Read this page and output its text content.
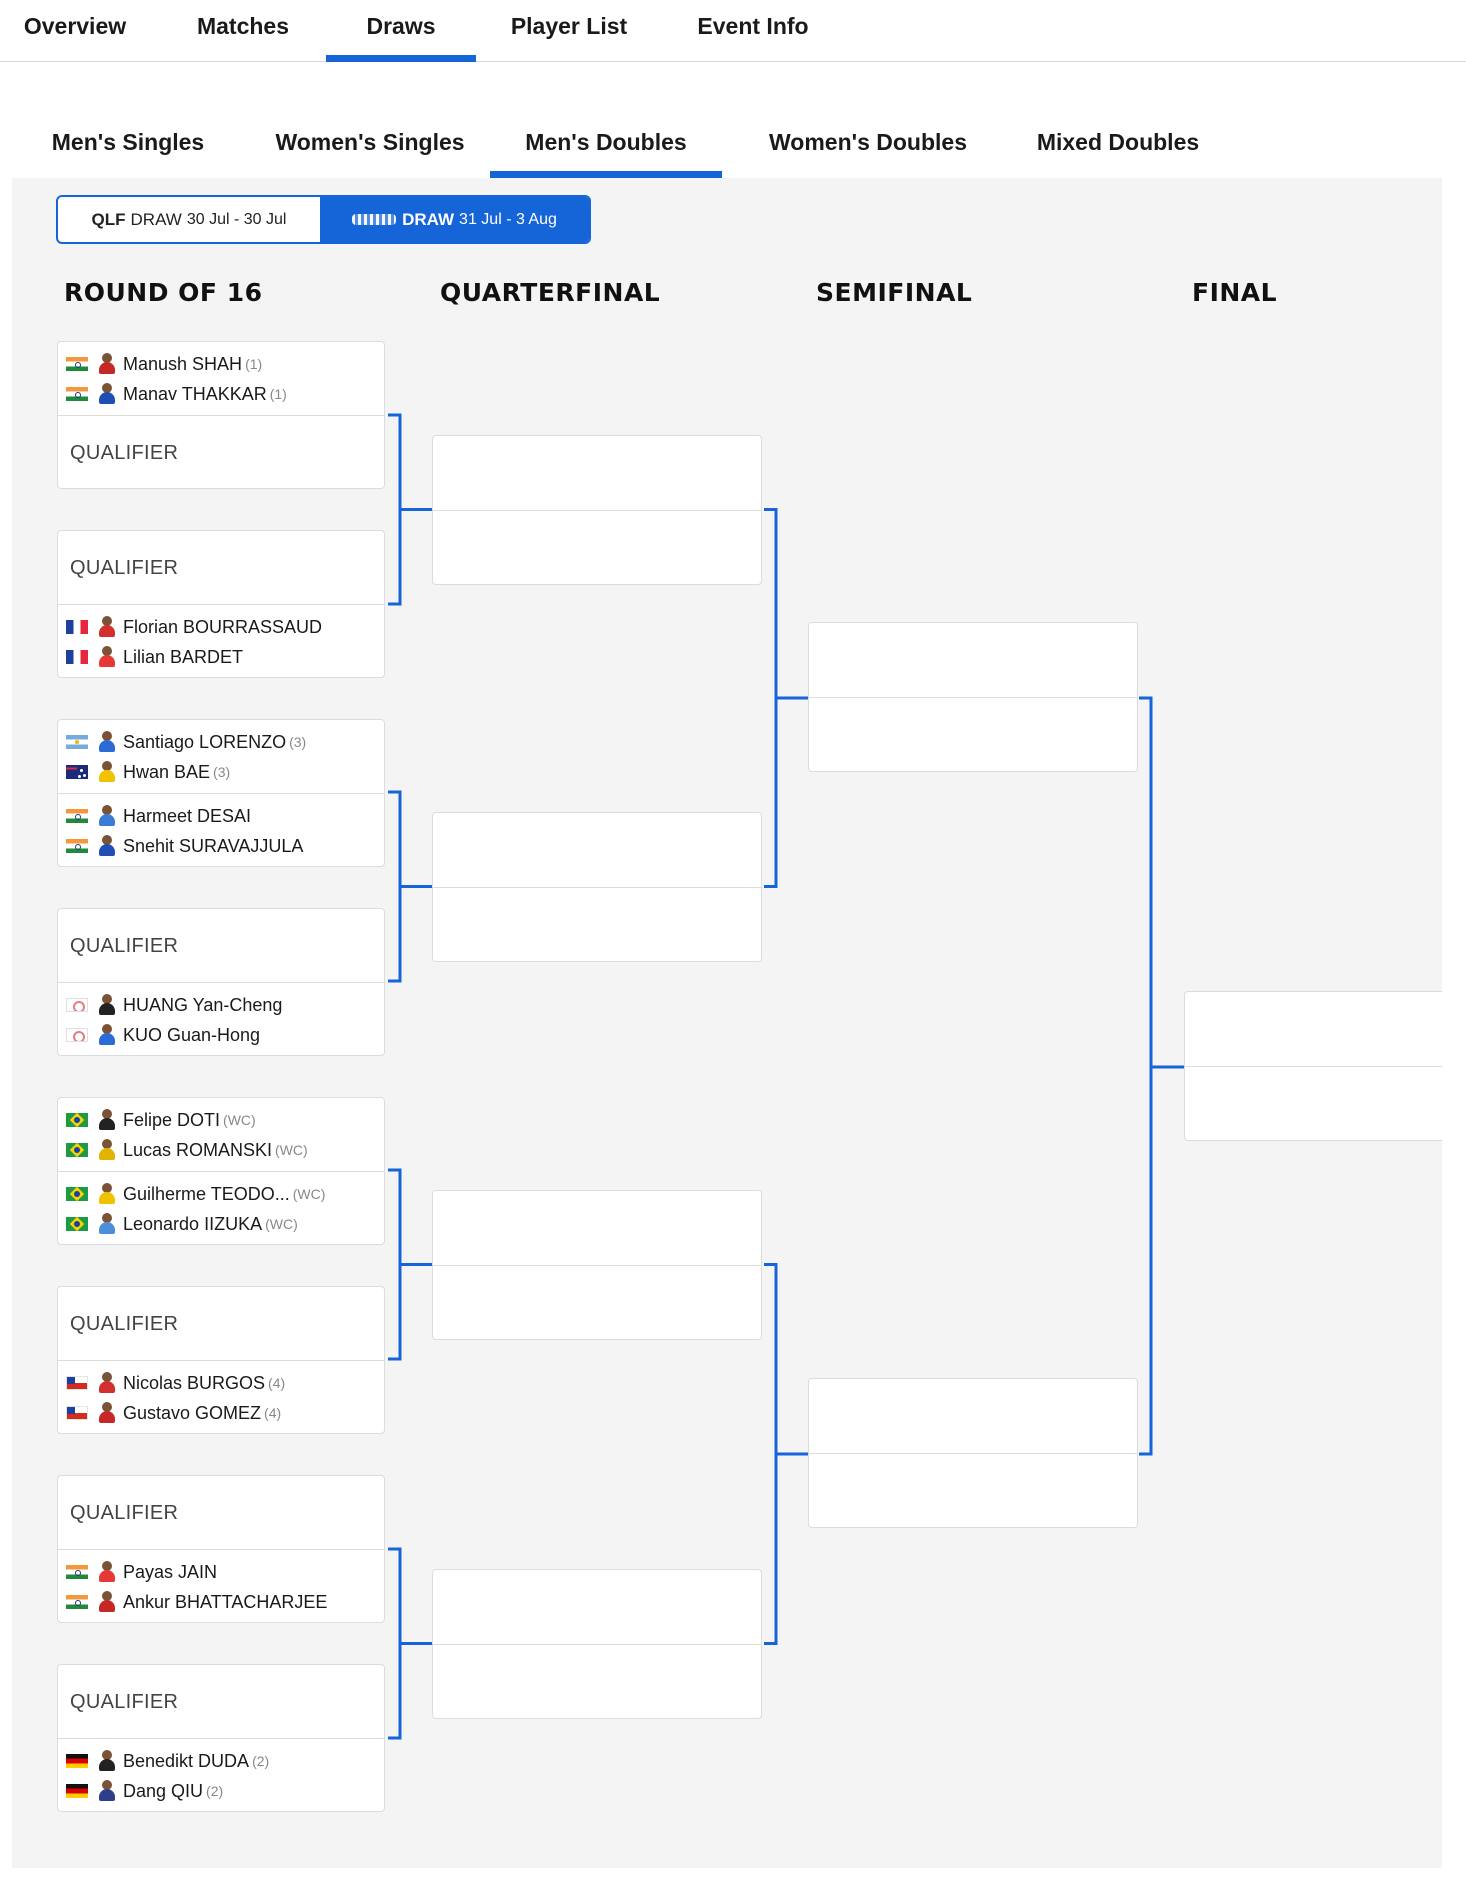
Overview	Matches	Draws	Player List	Event Info
Men's Singles	Women's Singles	Men's Doubles	Women's Doubles	Mixed Doubles
QLF DRAW 30 Jul - 30 Jul	DRAW 31 Jul - 3 Aug
ROUND OF 16	QUARTERFINAL	SEMIFINAL	FINAL
Manush SHAH (1)
Manav THAKKAR (1)
QUALIFIER
QUALIFIER
Florian BOURRASSAUD
Lilian BARDET
Santiago LORENZO (3)
Hwan BAE (3)
Harmeet DESAI
Snehit SURAVAJJULA
QUALIFIER
HUANG Yan-Cheng
KUO Guan-Hong
Felipe DOTI (WC)
Lucas ROMANSKI (WC)
Guilherme TEODO... (WC)
Leonardo IIZUKA (WC)
QUALIFIER
Nicolas BURGOS (4)
Gustavo GOMEZ (4)
QUALIFIER
Payas JAIN
Ankur BHATTACHARJEE
QUALIFIER
Benedikt DUDA (2)
Dang QIU (2)
